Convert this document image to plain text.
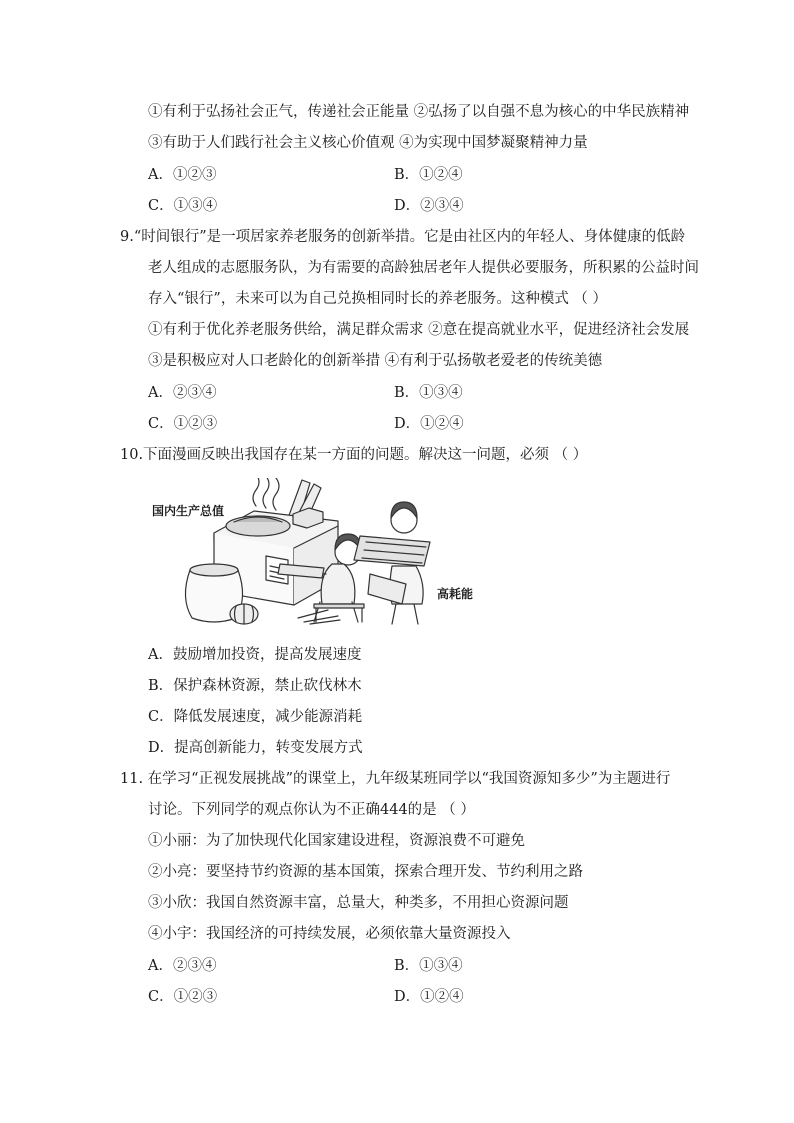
①有利于弘扬社会正气，传递社会正能量 ②弘扬了以自强不息为核心的中华民族精神
③有助于人们践行社会主义核心价值观 ④为实现中国梦凝聚精神力量
A．①②③	B．①②④
C．①③④	D．②③④
9.“时间银行”是一项居家养老服务的创新举措。它是由社区内的年轻人、身体健康的低龄
老人组成的志愿服务队，为有需要的高龄独居老年人提供必要服务，所积累的公益时间
存入“银行”，未来可以为自己兑换相同时长的养老服务。这种模式 （ ）
①有利于优化养老服务供给，满足群众需求 ②意在提高就业水平，促进经济社会发展
③是积极应对人口老龄化的创新举措 ④有利于弘扬敬老爱老的传统美德
A．②③④	B．①③④
C．①②③	D．①②④
10.下面漫画反映出我国存在某一方面的问题。解决这一问题，必须 （ ）
国内生产总值
高耗能
A．鼓励增加投资，提高发展速度
B．保护森林资源，禁止砍伐林木
C．降低发展速度，减少能源消耗
D．提高创新能力，转变发展方式
11. 在学习“正视发展挑战”的课堂上，九年级某班同学以“我国资源知多少”为主题进行
讨论。下列同学的观点你认为不正确444的是 （ ）
①小丽：为了加快现代化国家建设进程，资源浪费不可避免
②小亮：要坚持节约资源的基本国策，探索合理开发、节约利用之路
③小欣：我国自然资源丰富，总量大，种类多，不用担心资源问题
④小宇：我国经济的可持续发展，必须依靠大量资源投入
A．②③④	B．①③④
C．①②③	D．①②④
